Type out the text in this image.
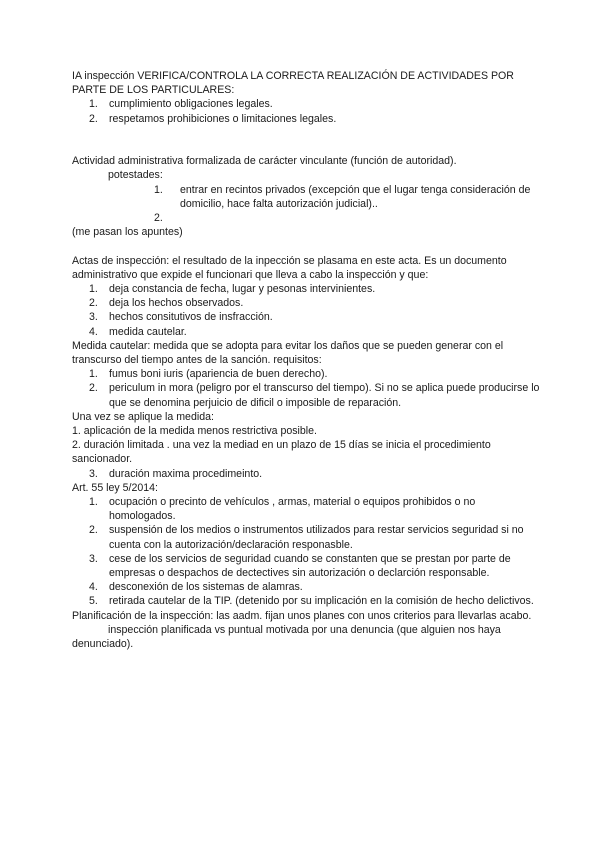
IA inspección VERIFICA/CONTROLA LA CORRECTA REALIZACIÓN DE ACTIVIDADES POR PARTE DE LOS PARTICULARES:

1. cumplimiento obligaciones legales.
2. respetamos prohibiciones o limitaciones legales.

Actividad administrativa formalizada de carácter vinculante (función de autoridad).

potestades:

1. entrar en recintos privados (excepción que el lugar tenga consideración de domicilio, hace falta autorización judicial)..
2.

(me pasan los apuntes)

Actas de inspección: el resultado de la inpección se plasama en este acta. Es un documento administrativo que expide el funcionari que lleva a cabo la inspección y que:

1. deja constancia de fecha, lugar y pesonas intervinientes.
2. deja los hechos observados.
3. hechos consitutivos de insfracción.
4. medida cautelar.

Medida cautelar: medida que se adopta para evitar los daños que se pueden generar con el transcurso del tiempo antes de la sanción. requisitos:

1. fumus boni iuris (apariencia de buen derecho).
2. periculum in mora (peligro por el transcurso del tiempo). Si no se aplica puede producirse lo que se denomina perjuicio de dificil o imposible de reparación.

Una vez se aplique la medida:

1. aplicación de la medida menos restrictiva posible.

2. duración limitada . una vez la mediad en un plazo de 15 días se inicia el procedimiento sancionador.

3. duración maxima procedimeinto.

Art. 55 ley 5/2014:

1. ocupación o precinto de vehículos , armas, material o equipos prohibidos o no homologados.
2. suspensión de los medios o instrumentos utilizados para restar servicios seguridad si no cuenta con la autorización/declaración responasble.
3. cese de los servicios de seguridad cuando se constanten que se prestan por parte de empresas o despachos de dectectives sin autorización o declarción responsable.
4. desconexión de los sistemas de alamras.
5. retirada cautelar de la TIP. (detenido por su implicación en la comisión de hecho delictivos.

Planificación de la inspección: las aadm. fijan unos planes con unos criterios para llevarlas acabo.

inspección planificada vs puntual motivada por una denuncia (que alguien nos haya denunciado).
